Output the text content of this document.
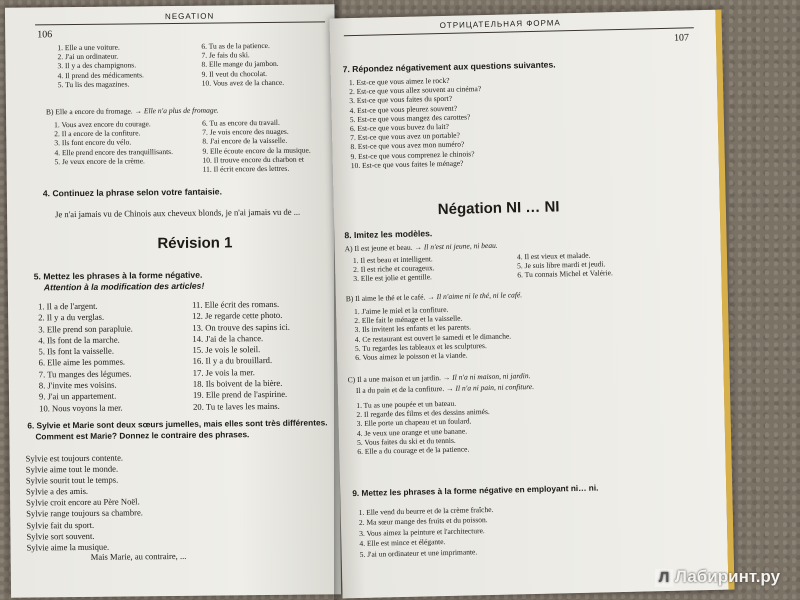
NEGATION
106
1. Elle a une voiture.
2. J'ai un ordinateur.
3. Il y a des champignons.
4. Il prend des médicaments.
5. Tu lis des magazines.
6. Tu as de la patience.
7. Je fais du ski.
8. Elle mange du jambon.
9. Il veut du chocolat.
10. Vous avez de la chance.
B) Elle a encore du fromage. → Elle n'a plus de fromage.
1. Vous avez encore du courage.
2. Il a encore de la confiture.
3. Ils font encore du vélo.
4. Elle prend encore des tranquillisants.
5. Je veux encore de la crème.
6. Tu as encore du travail.
7. Je vois encore des nuages.
8. J'ai encore de la vaisselle.
9. Elle écoute encore de la musique.
10. Il trouve encore du charbon et
11. Il écrit encore des lettres.
4. Continuez la phrase selon votre fantaisie.
Je n'ai jamais vu de Chinois aux cheveux blonds, je n'ai jamais vu de ...
Révision 1
5. Mettez les phrases à la forme négative.
Attention à la modification des articles!
1. Il a de l'argent.
2. Il y a du verglas.
3. Elle prend son parapluie.
4. Ils font de la marche.
5. Ils font la vaisselle.
6. Elle aime les pommes.
7. Tu manges des légumes.
8. J'invite mes voisins.
9. J'ai un appartement.
10. Nous voyons la mer.
11. Elle écrit des romans.
12. Je regarde cette photo.
13. On trouve des sapins ici.
14. J'ai de la chance.
15. Je vois le soleil.
16. Il y a du brouillard.
17. Je vois la mer.
18. Ils boivent de la bière.
19. Elle prend de l'aspirine.
20. Tu te laves les mains.
6. Sylvie et Marie sont deux sœurs jumelles, mais elles sont très différentes.
Comment est Marie? Donnez le contraire des phrases.
Sylvie est toujours contente.
Sylvie aime tout le monde.
Sylvie sourit tout le temps.
Sylvie a des amis.
Sylvie croit encore au Père Noël.
Sylvie range toujours sa chambre.
Sylvie fait du sport.
Sylvie sort souvent.
Sylvie aime la musique.
Mais Marie, au contraire, ...
ОТРИЦАТЕЛЬНАЯ ФОРМА
107
7. Répondez négativement aux questions suivantes.
1. Est-ce que vous aimez le rock?
2. Est-ce que vous allez souvent au cinéma?
3. Est-ce que vous faites du sport?
4. Est-ce que vous pleurez souvent?
5. Est-ce que vous mangez des carottes?
6. Est-ce que vous buvez du lait?
7. Est-ce que vous avez un portable?
8. Est-ce que vous avez mon numéro?
9. Est-ce que vous comprenez le chinois?
10. Est-ce que vous faites le ménage?
Négation NI … NI
8. Imitez les modèles.
A) Il est jeune et beau. → Il n'est ni jeune, ni beau.
1. Il est beau et intelligent.
2. Il est riche et courageux.
3. Elle est jolie et gentille.
4. Il est vieux et malade.
5. Je suis libre mardi et jeudi.
6. Tu connais Michel et Valérie.
B) Il aime le thé et le café. → Il n'aime ni le thé, ni le café.
1. J'aime le miel et la confiture.
2. Elle fait le ménage et la vaisselle.
3. Ils invitent les enfants et les parents.
4. Ce restaurant est ouvert le samedi et le dimanche.
5. Tu regardes les tableaux et les sculptures.
6. Vous aimez le poisson et la viande.
C) Il a une maison et un jardin. → Il n'a ni maison, ni jardin.
Il a du pain et de la confiture. → Il n'a ni pain, ni confiture.
1. Tu as une poupée et un bateau.
2. Il regarde des films et des dessins animés.
3. Elle porte un chapeau et un foulard.
4. Je veux une orange et une banane.
5. Vous faites du ski et du tennis.
6. Elle a du courage et de la patience.
9. Mettez les phrases à la forme négative en employant ni… ni.
1. Elle vend du beurre et de la crème fraîche.
2. Ma sœur mange des fruits et du poisson.
3. Vous aimez la peinture et l'architecture.
4. Elle est mince et élégante.
5. J'ai un ordinateur et une imprimante.
Л Лабиринт.ру
